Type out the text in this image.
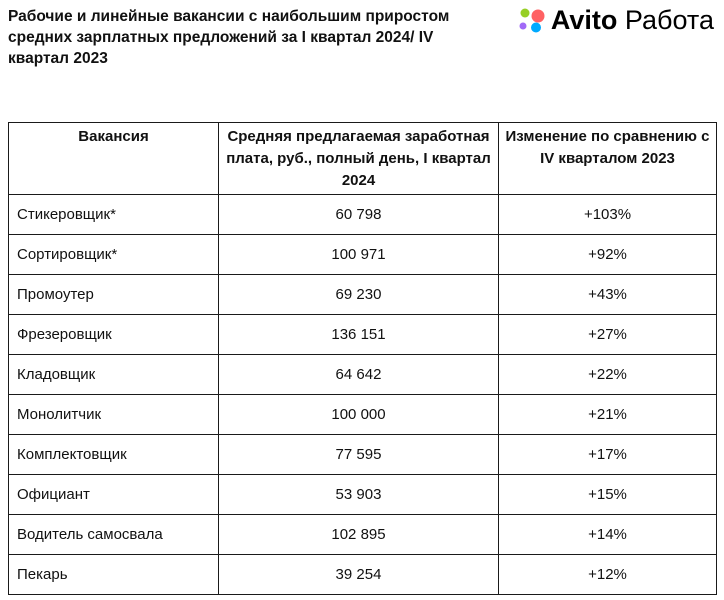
Рабочие и линейные вакансии с наибольшим приростом средних зарплатных предложений за I квартал 2024/ IV квартал 2023
Avito Работа
Вакансия	Средняя предлагаемая заработная плата, руб., полный день, I квартал 2024	Изменение по сравнению с IV кварталом 2023
Стикеровщик*	60 798	+103%
Сортировщик*	100 971	+92%
Промоутер	69 230	+43%
Фрезеровщик	136 151	+27%
Кладовщик	64 642	+22%
Монолитчик	100 000	+21%
Комплектовщик	77 595	+17%
Официант	53 903	+15%
Водитель самосвала	102 895	+14%
Пекарь	39 254	+12%
